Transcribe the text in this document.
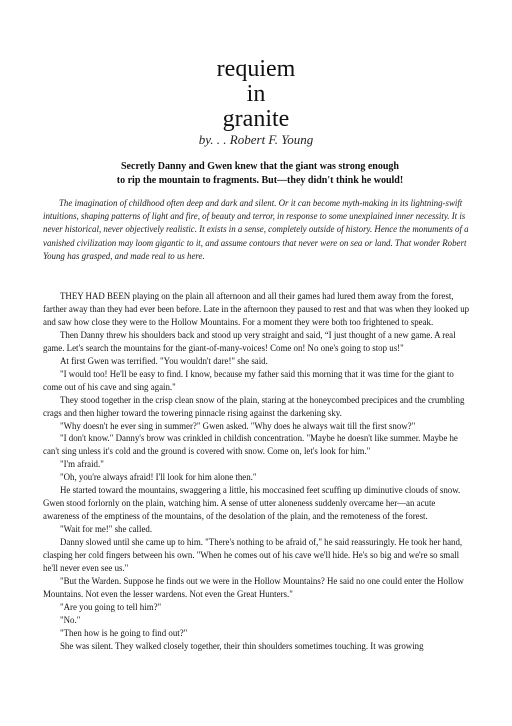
requiem
in
granite
by. . . Robert F. Young
Secretly Danny and Gwen knew that the giant was strong enough
to rip the mountain to fragments. But—they didn't think he would!

The imagination of childhood often deep and dark and silent. Or it can become myth-making in its lightning-swift intuitions, shaping patterns of light and fire, of beauty and terror, in response to some unexplained inner necessity. It is never historical, never objectively realistic. It exists in a sense, completely outside of history. Hence the monuments of a vanished civilization may loom gigantic to it, and assume contours that never were on sea or land. That wonder Robert Young has grasped, and made real to us here.

THEY HAD BEEN playing on the plain all afternoon and all their games had lured them away from the forest, farther away than they had ever been before. Late in the afternoon they paused to rest and that was when they looked up and saw how close they were to the Hollow Mountains. For a moment they were both too frightened to speak.

Then Danny threw his shoulders back and stood up very straight and said, “I just thought of a new game. A real game. Let's search the mountains for the giant-of-many-voices! Come on! No one's going to stop us!"

At first Gwen was terrified. "You wouldn't dare!" she said.

"I would too! He'll be easy to find. I know, because my father said this morning that it was time for the giant to come out of his cave and sing again."

They stood together in the crisp clean snow of the plain, staring at the honeycombed precipices and the crumbling crags and then higher toward the towering pinnacle rising against the darkening sky.

"Why doesn't he ever sing in summer?" Gwen asked. "Why does he always wait till the first snow?"

"I don't know." Danny's brow was crinkled in childish concentration. "Maybe he doesn't like summer. Maybe he can't sing unless it's cold and the ground is covered with snow. Come on, let's look for him."

"I'm afraid."

"Oh, you're always afraid! I'll look for him alone then."

He started toward the mountains, swaggering a little, his moccasined feet scuffing up diminutive clouds of snow. Gwen stood forlornly on the plain, watching him. A sense of utter aloneness suddenly overcame her—an acute awareness of the emptiness of the mountains, of the desolation of the plain, and the remoteness of the forest.

"Wait for me!" she called.

Danny slowed until she came up to him. "There's nothing to be afraid of," he said reassuringly. He took her hand, clasping her cold fingers between his own. "When he comes out of his cave we'll hide. He's so big and we're so small he'll never even see us."

"But the Warden. Suppose he finds out we were in the Hollow Mountains? He said no one could enter the Hollow Mountains. Not even the lesser wardens. Not even the Great Hunters."

"Are you going to tell him?"

"No."

"Then how is he going to find out?"

She was silent. They walked closely together, their thin shoulders sometimes touching. It was growing
